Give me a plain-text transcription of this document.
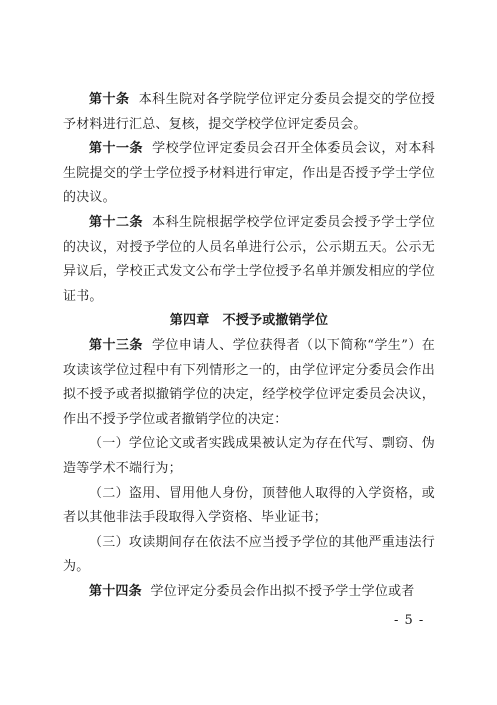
第十条 本科生院对各学院学位评定分委员会提交的学位授予材料进行汇总、复核，提交学校学位评定委员会。

第十一条 学校学位评定委员会召开全体委员会议，对本科生院提交的学士学位授予材料进行审定，作出是否授予学士学位的决议。

第十二条 本科生院根据学校学位评定委员会授予学士学位的决议，对授予学位的人员名单进行公示，公示期五天。公示无异议后，学校正式发文公布学士学位授予名单并颁发相应的学位证书。

第四章　不授予或撤销学位

第十三条 学位申请人、学位获得者（以下简称“学生”）在攻读该学位过程中有下列情形之一的，由学位评定分委员会作出拟不授予或者拟撤销学位的决定，经学校学位评定委员会决议，作出不授予学位或者撤销学位的决定：

（一）学位论文或者实践成果被认定为存在代写、剽窃、伪造等学术不端行为；

（二）盗用、冒用他人身份，顶替他人取得的入学资格，或者以其他非法手段取得入学资格、毕业证书；

（三）攻读期间存在依法不应当授予学位的其他严重违法行为。

第十四条 学位评定分委员会作出拟不授予学士学位或者

- 5 -
